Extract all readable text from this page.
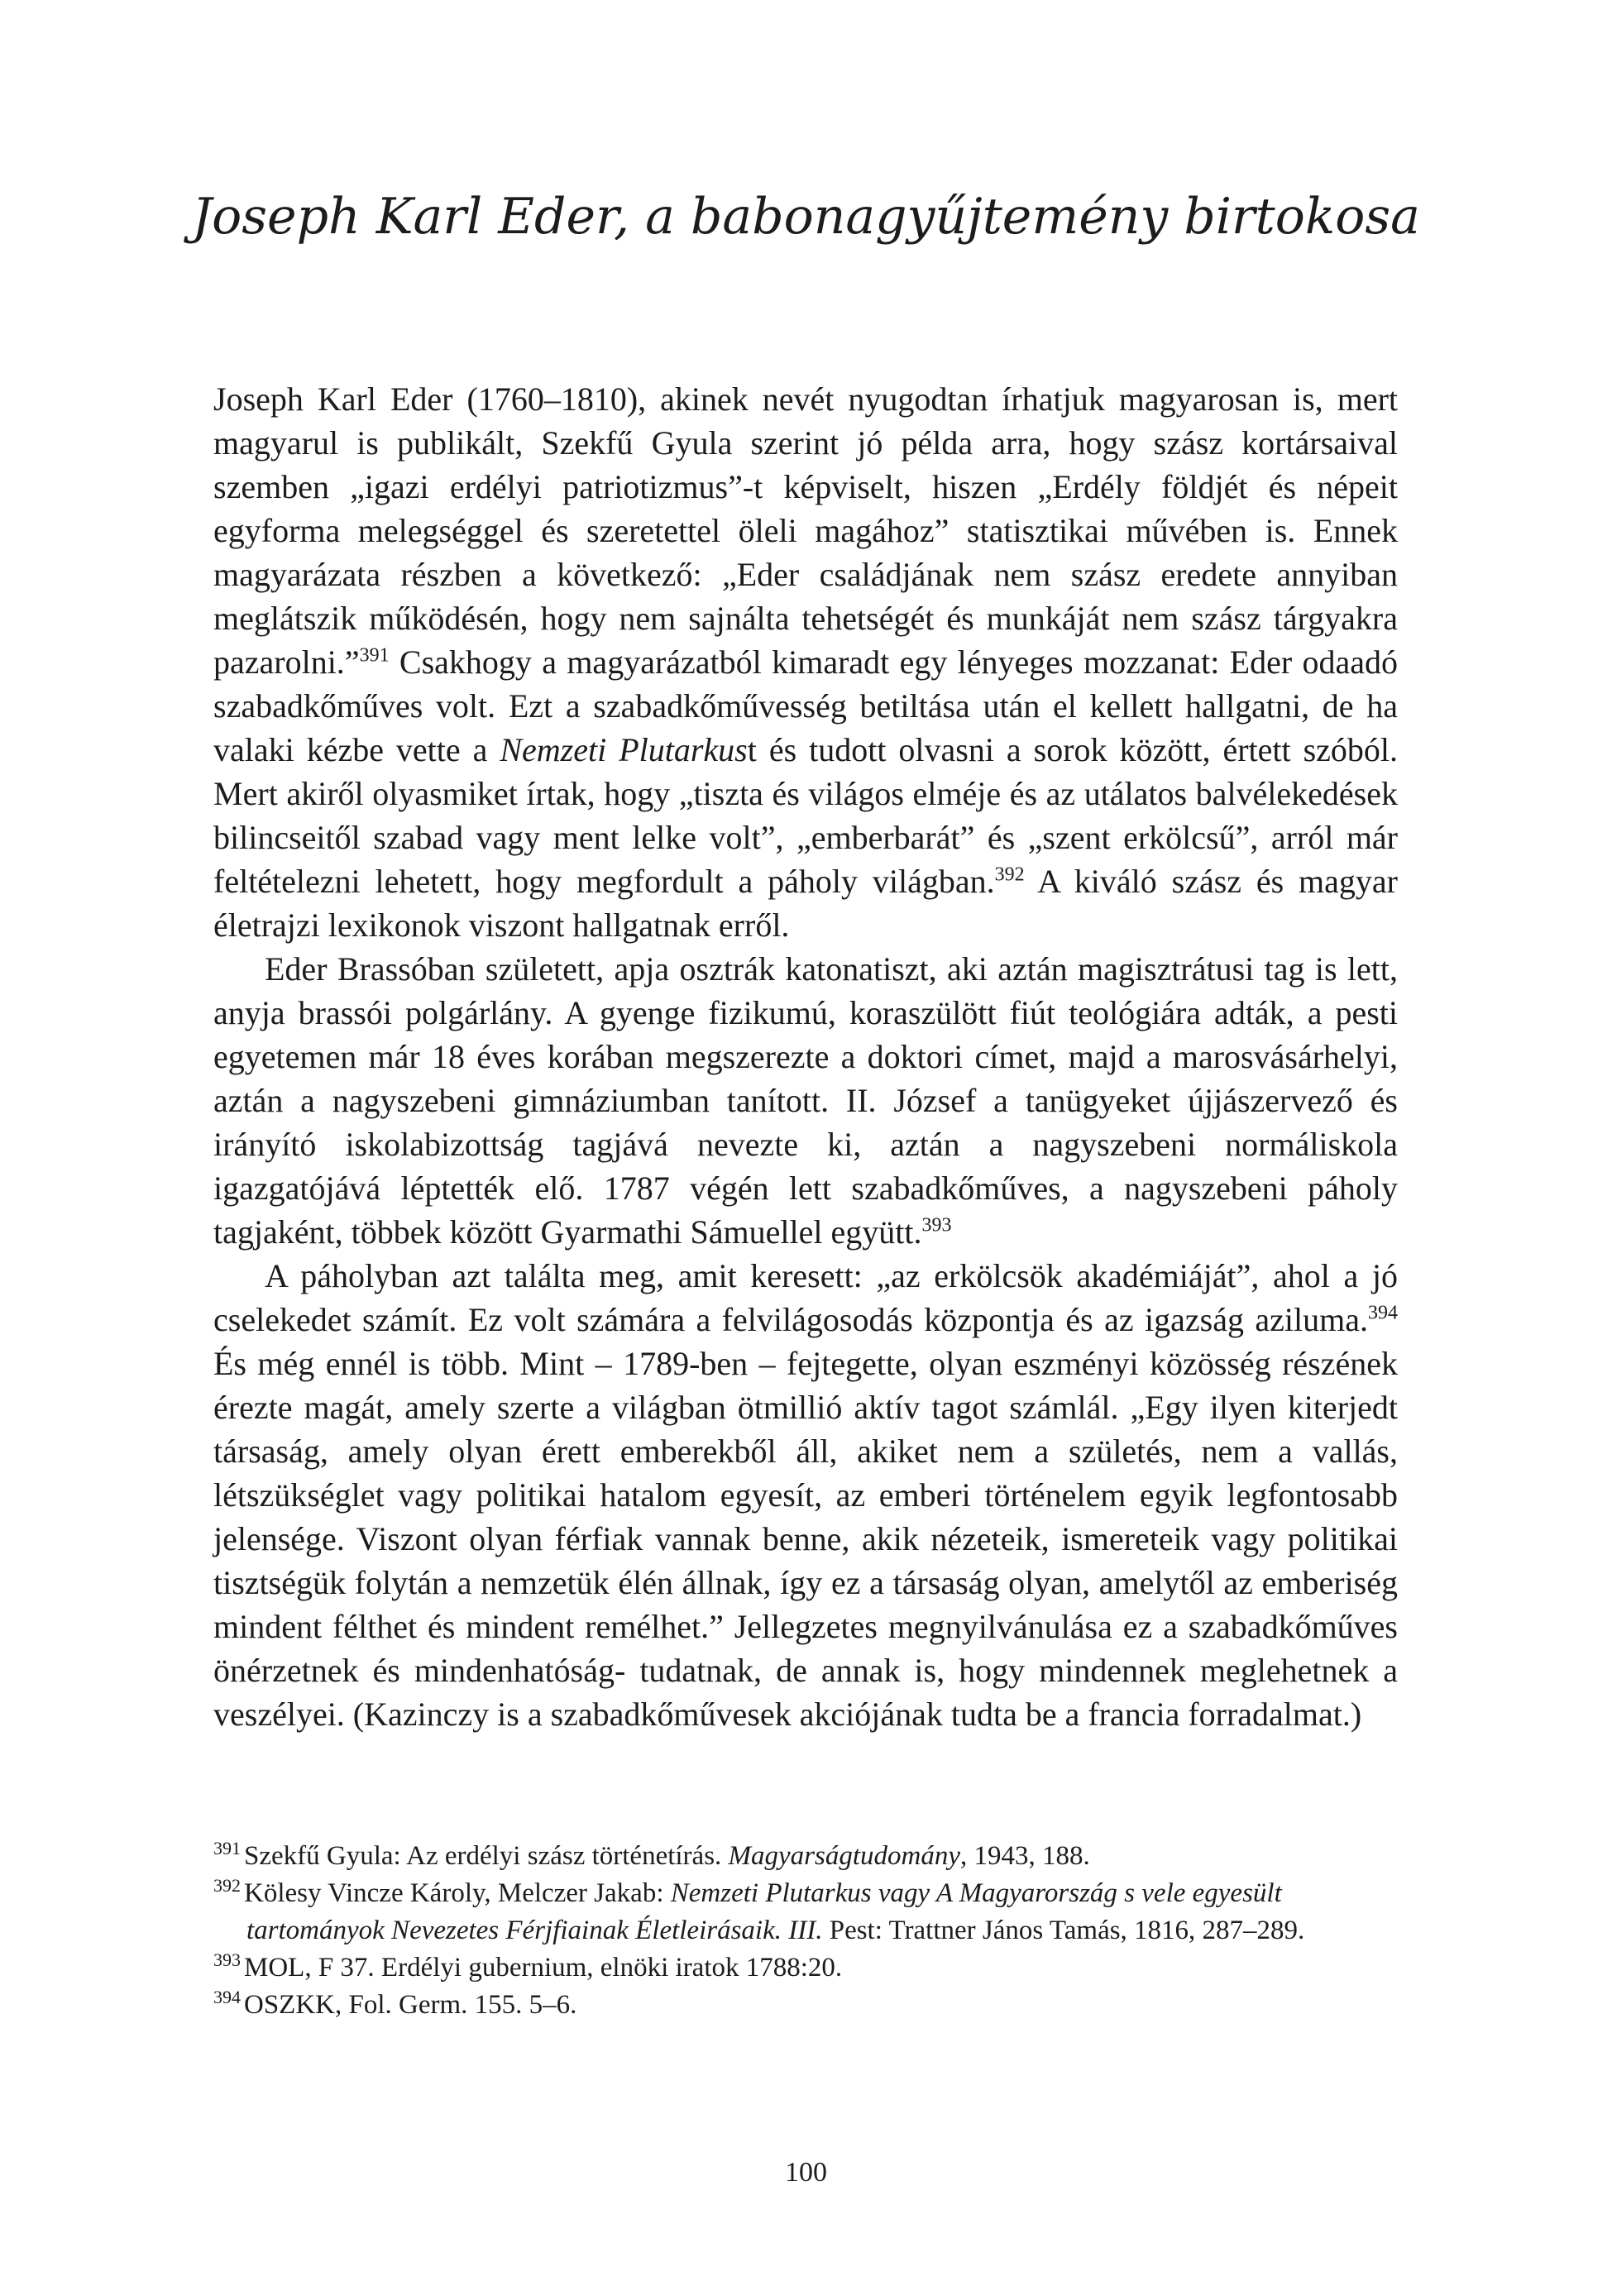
Joseph Karl Eder, a babonagyűjtemény birtokosa

Joseph Karl Eder (1760–1810), akinek nevét nyugodtan írhatjuk magyarosan is, mert magyarul is publikált, Szekfű Gyula szerint jó példa arra, hogy szász kortársaival szemben „igazi erdélyi patriotizmus”-t képviselt, hiszen „Erdély földjét és népeit egyforma melegséggel és szeretettel öleli magához” statisztikai művében is. Ennek magyarázata részben a következő: „Eder családjának nem szász eredete annyiban meglátszik működésén, hogy nem sajnálta tehetségét és munkáját nem szász tárgyakra pazarolni.”$^{391}$ Csakhogy a magyarázatból kimaradt egy lényeges mozzanat: Eder odaadó szabadkőműves volt. Ezt a szabadkőművesség betiltása után el kellett hallgatni, de ha valaki kézbe vette a Nemzeti Plutarkust és tudott olvasni a sorok között, értett szóból. Mert akiről olyasmiket írtak, hogy „tiszta és világos elméje és az utálatos balvélekedések bilincseitől szabad vagy ment lelke volt”, „emberbarát” és „szent erkölcsű”, arról már feltételezni lehetett, hogy megfordult a páholy világban.$^{392}$ A kiváló szász és magyar életrajzi lexikonok viszont hallgatnak erről.

Eder Brassóban született, apja osztrák katonatiszt, aki aztán magisztrátusi tag is lett, anyja brassói polgárlány. A gyenge fizikumú, koraszülött fiút teológiára adták, a pesti egyetemen már 18 éves korában megszerezte a doktori címet, majd a marosvásárhelyi, aztán a nagyszebeni gimnáziumban tanított. II. József a tanügyeket újjászervező és irányító iskolabizottság tagjává nevezte ki, aztán a nagyszebeni normáliskola igazgatójává léptették elő. 1787 végén lett szabadkőműves, a nagyszebeni páholy tagjaként, többek között Gyarmathi Sámuellel együtt.$^{393}$

A páholyban azt találta meg, amit keresett: „az erkölcsök akadémiáját”, ahol a jó cselekedet számít. Ez volt számára a felvilágosodás központja és az igazság aziluma.$^{394}$ És még ennél is több. Mint – 1789-ben – fejtegette, olyan eszményi közösség részének érezte magát, amely szerte a világban ötmillió aktív tagot számlál. „Egy ilyen kiterjedt társaság, amely olyan érett emberekből áll, akiket nem a születés, nem a vallás, létszükséglet vagy politikai hatalom egyesít, az emberi történelem egyik legfontosabb jelensége. Viszont olyan férfiak vannak benne, akik nézeteik, ismereteik vagy politikai tisztségük folytán a nemzetük élén állnak, így ez a társaság olyan, amelytől az emberiség mindent félthet és mindent remélhet.” Jellegzetes megnyilvánulása ez a szabadkőműves önérzetnek és mindenhatóság- tudatnak, de annak is, hogy mindennek meglehetnek a veszélyei. (Kazinczy is a szabadkőművesek akciójának tudta be a francia forradalmat.)

$^{391}$ Szekfű Gyula: Az erdélyi szász történetírás. Magyarságtudomány, 1943, 188.
$^{392}$ Kölesy Vincze Károly, Melczer Jakab: Nemzeti Plutarkus vagy A Magyarország s vele egyesült tartományok Nevezetes Férjfiainak Életleirásaik. III. Pest: Trattner János Tamás, 1816, 287–289.
$^{393}$ MOL, F 37. Erdélyi gubernium, elnöki iratok 1788:20.
$^{394}$ OSZKK, Fol. Germ. 155. 5–6.
100
